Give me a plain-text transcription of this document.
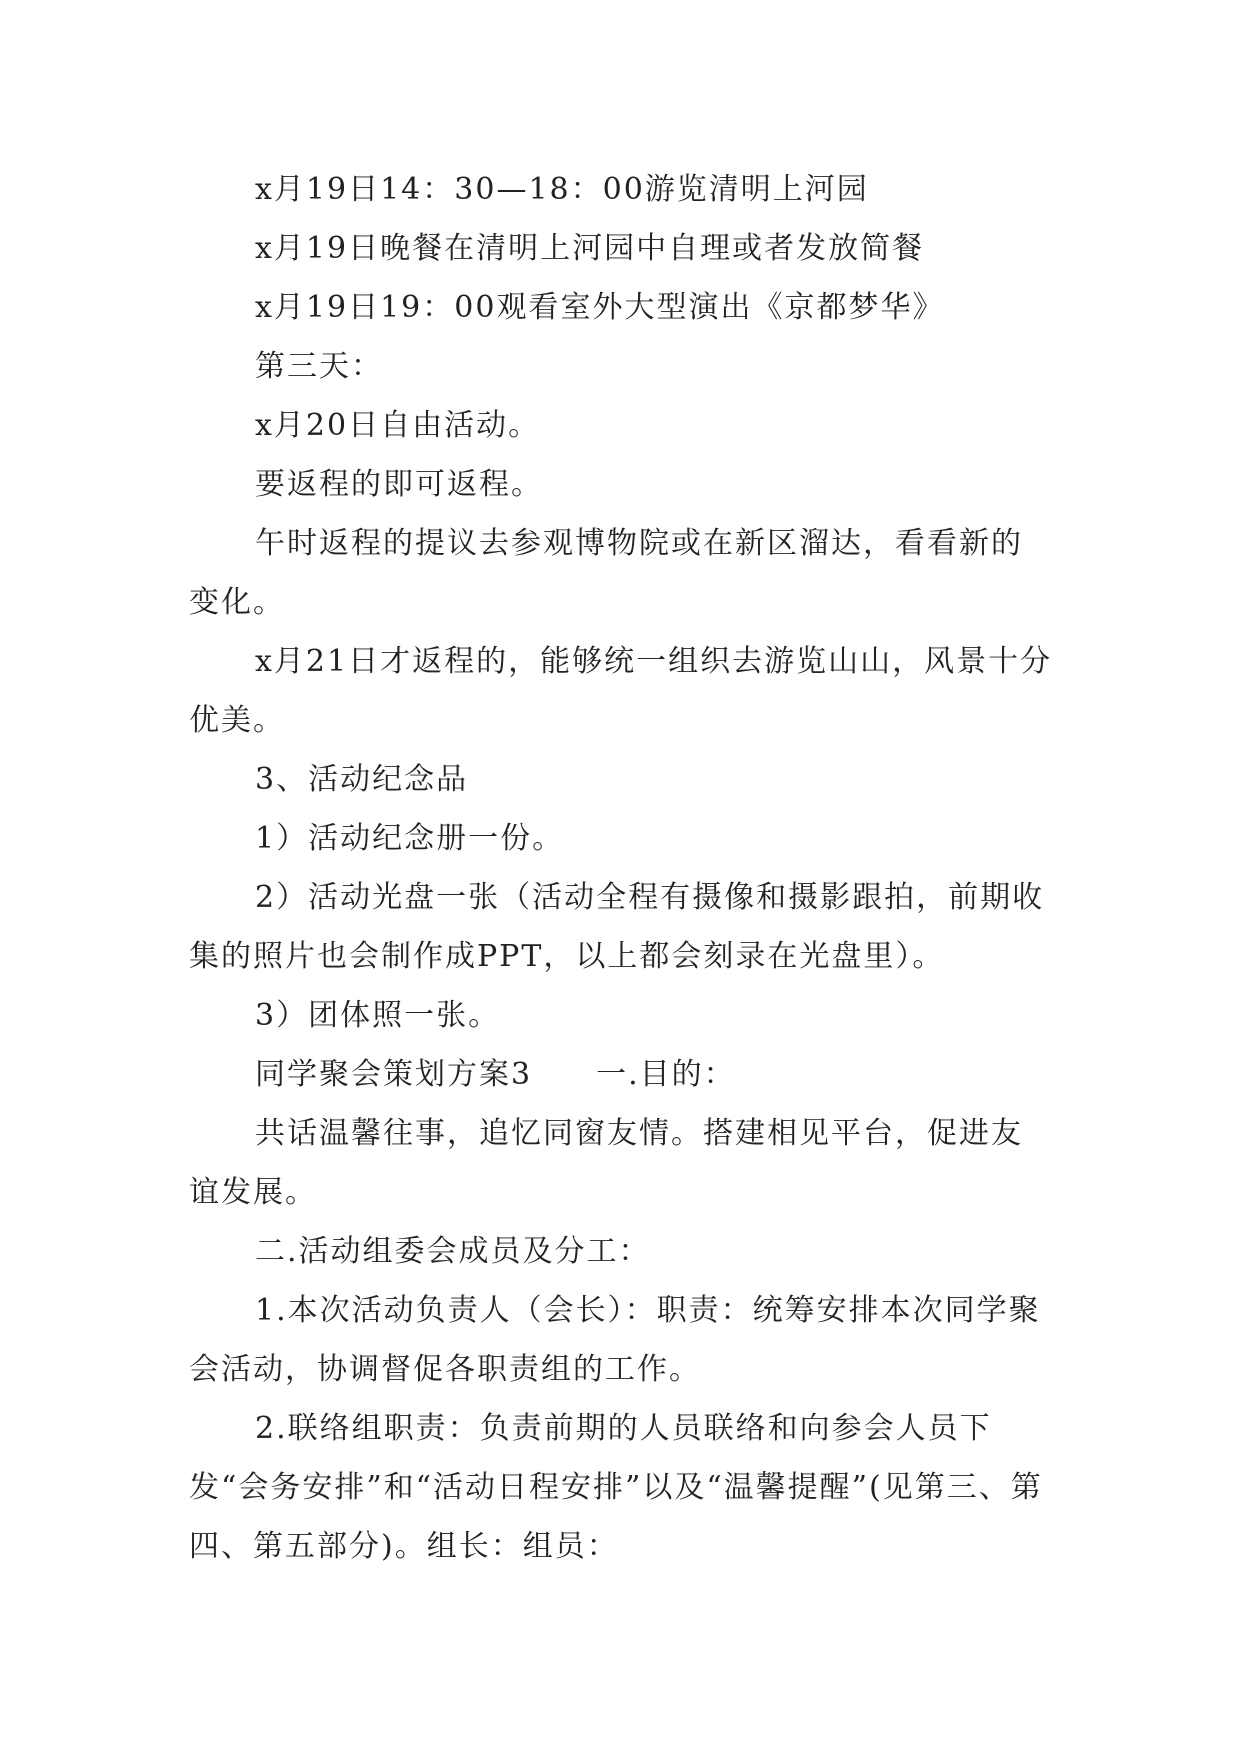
x月19日14：30—18：00游览清明上河园

x月19日晚餐在清明上河园中自理或者发放简餐

x月19日19：00观看室外大型演出《京都梦华》

第三天：

x月20日自由活动。

要返程的即可返程。

午时返程的提议去参观博物院或在新区溜达，看看新的变化。

x月21日才返程的，能够统一组织去游览山山，风景十分优美。

3、活动纪念品

1）活动纪念册一份。

2）活动光盘一张（活动全程有摄像和摄影跟拍，前期收集的照片也会制作成PPT，以上都会刻录在光盘里）。

3）团体照一张。

同学聚会策划方案3　　一.目的：

共话温馨往事，追忆同窗友情。搭建相见平台，促进友谊发展。

二.活动组委会成员及分工：

1.本次活动负责人（会长）：职责：统筹安排本次同学聚会活动，协调督促各职责组的工作。

2.联络组职责：负责前期的人员联络和向参会人员下发“会务安排”和“活动日程安排”以及“温馨提醒”(见第三、第四、第五部分)。组长：组员：
